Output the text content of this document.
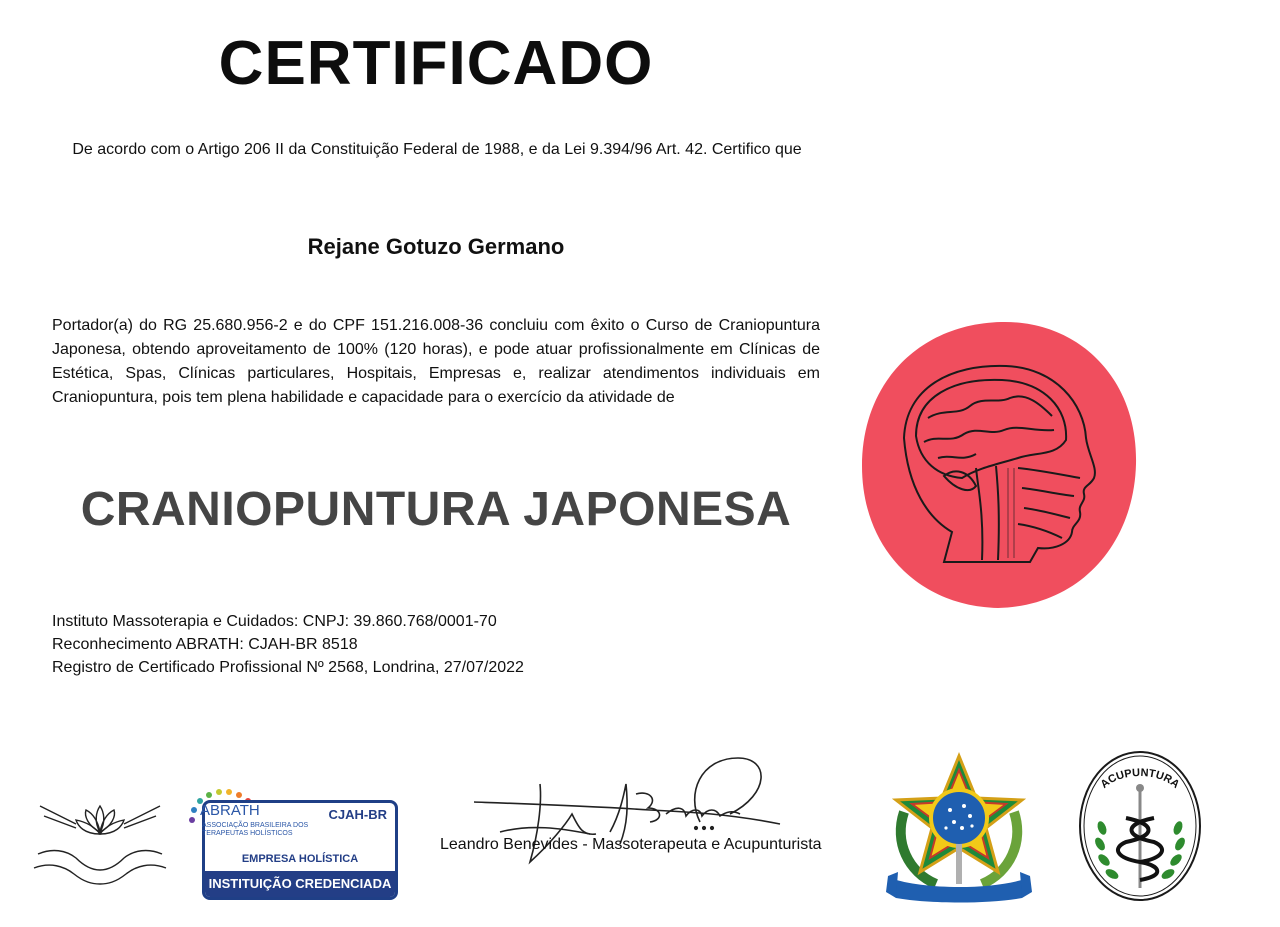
CERTIFICADO
De acordo com o Artigo 206 II da Constituição Federal de 1988, e da Lei 9.394/96 Art. 42. Certifico que
Rejane Gotuzo Germano
Portador(a) do RG 25.680.956-2 e do CPF 151.216.008-36 concluiu com êxito o Curso de Craniopuntura Japonesa, obtendo aproveitamento de 100% (120 horas), e pode atuar profissionalmente em Clínicas de Estética, Spas, Clínicas particulares, Hospitais, Empresas e, realizar atendimentos individuais em Craniopuntura, pois tem plena habilidade e capacidade para o exercício da atividade de
CRANIOPUNTURA JAPONESA
Instituto Massoterapia e Cuidados: CNPJ: 39.860.768/0001-70
Reconhecimento ABRATH: CJAH-BR 8518
Registro de Certificado Profissional Nº 2568, Londrina, 27/07/2022
CJAH-BR
EMPRESA HOLÍSTICA
INSTITUIÇÃO CREDENCIADA
ABRATH
ASSOCIAÇÃO BRASILEIRA DOS TERAPEUTAS HOLÍSTICOS
Leandro Benevides - Massoterapeuta e Acupunturista
ACUPUNTURA
